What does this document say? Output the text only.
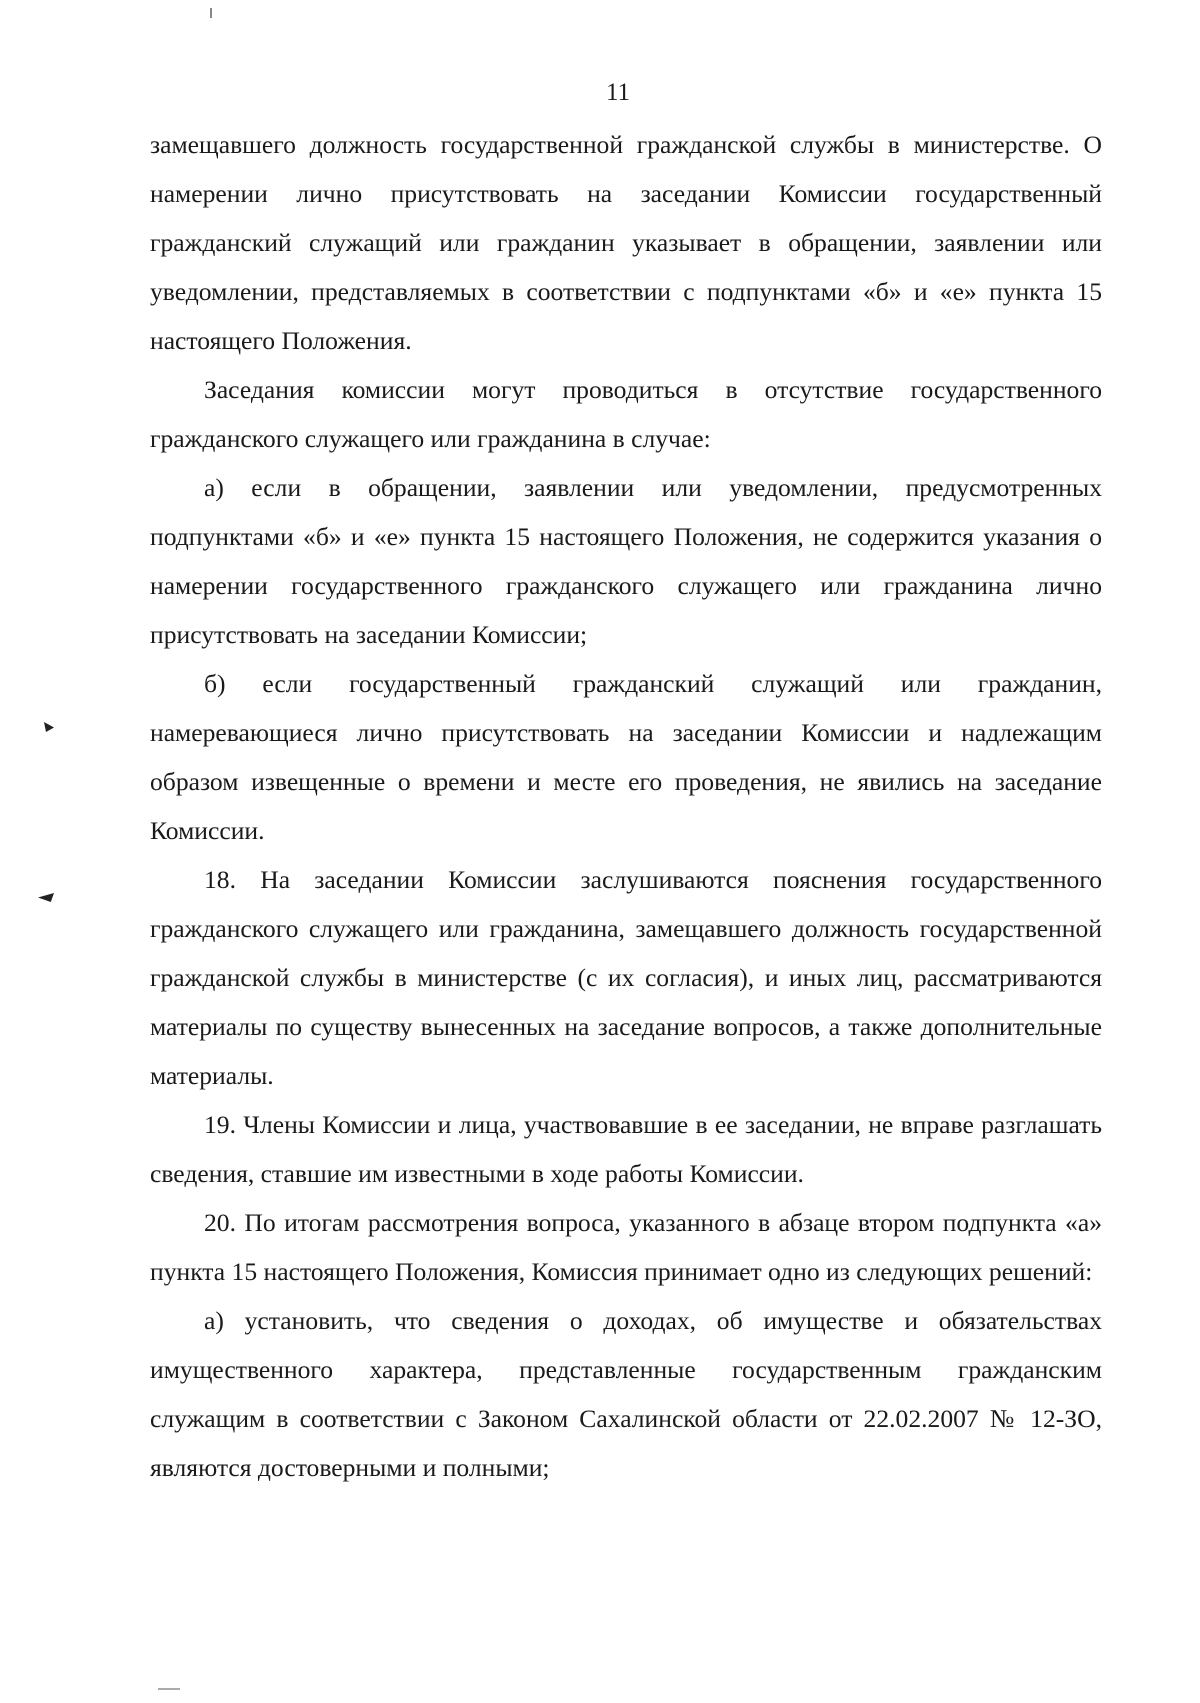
11

замещавшего должность государственной гражданской службы в министерстве. О намерении лично присутствовать на заседании Комиссии государственный гражданский служащий или гражданин указывает в обращении, заявлении или уведомлении, представляемых в соответствии с подпунктами «б» и «е» пункта 15 настоящего Положения.

Заседания комиссии могут проводиться в отсутствие государственного гражданского служащего или гражданина в случае:

а) если в обращении, заявлении или уведомлении, предусмотренных подпунктами «б» и «е» пункта 15 настоящего Положения, не содержится указания о намерении государственного гражданского служащего или гражданина лично присутствовать на заседании Комиссии;

б) если государственный гражданский служащий или гражданин, намеревающиеся лично присутствовать на заседании Комиссии и надлежащим образом извещенные о времени и месте его проведения, не явились на заседание Комиссии.

18. На заседании Комиссии заслушиваются пояснения государственного гражданского служащего или гражданина, замещавшего должность государственной гражданской службы в министерстве (с их согласия), и иных лиц, рассматриваются материалы по существу вынесенных на заседание вопросов, а также дополнительные материалы.

19. Члены Комиссии и лица, участвовавшие в ее заседании, не вправе разглашать сведения, ставшие им известными в ходе работы Комиссии.

20. По итогам рассмотрения вопроса, указанного в абзаце втором подпункта «а» пункта 15 настоящего Положения, Комиссия принимает одно из следующих решений:

а) установить, что сведения о доходах, об имуществе и обязательствах имущественного характера, представленные государственным гражданским служащим в соответствии с Законом Сахалинской области от 22.02.2007 № 12-ЗО, являются достоверными и полными;
